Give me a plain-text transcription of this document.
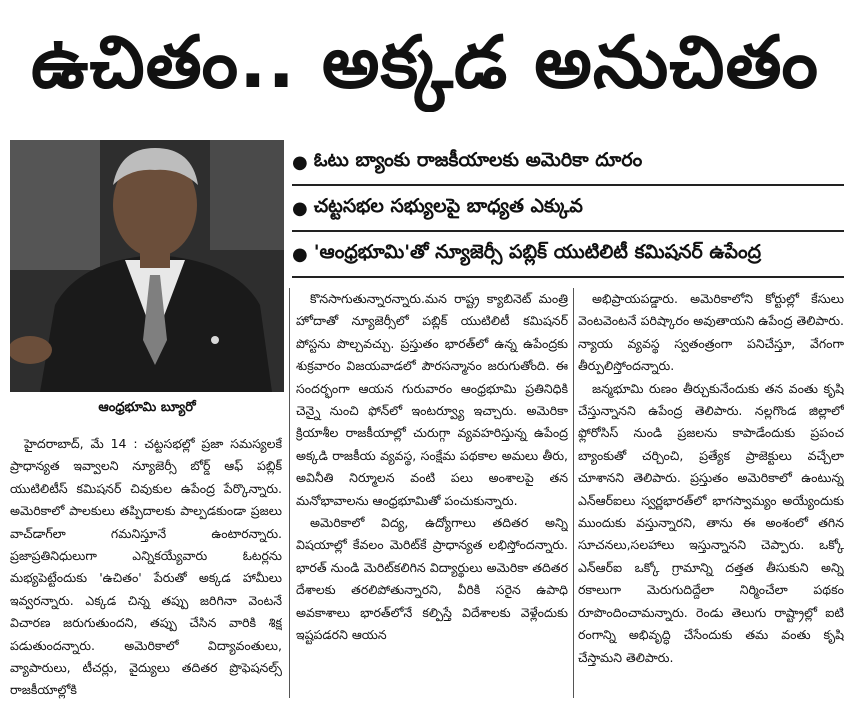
ఉచితం.. అక్కడ అనుచితం
ఆంధ్రభూమి బ్యూరో
● ఓటు బ్యాంకు రాజకీయాలకు అమెరికా దూరం
● చట్టసభల సభ్యులపై బాధ్యత ఎక్కువ
● 'ఆంధ్రభూమి'తో న్యూజెర్సీ పబ్లిక్ యుటిలిటీ కమిషనర్ ఉపేంద్ర

హైదరాబాద్, మే 14 : చట్టసభల్లో ప్రజా సమస్యలకే ప్రాధాన్యత ఇవ్వాలని న్యూజెర్సీ బోర్డ్ ఆఫ్ పబ్లిక్ యుటిలిటీస్ కమిషనర్ చివుకుల ఉపేంద్ర పేర్కొన్నారు. అమెరికాలో పాలకులు తప్పిదాలకు పాల్పడకుండా ప్రజలు వాచ్‌డాగ్‌లా గమనిస్తూనే ఉంటారన్నారు. ప్రజాప్రతినిధులుగా ఎన్నికయ్యేవారు ఓటర్లను మభ్యపెట్టేందుకు 'ఉచితం' పేరుతో అక్కడ హామీలు ఇవ్వరన్నారు. ఎక్కడ చిన్న తప్పు జరిగినా వెంటనే విచారణ జరుగుతుందని, తప్పు చేసిన వారికి శిక్ష పడుతుందన్నారు. అమెరికాలో విద్యావంతులు, వ్యాపారులు, టీచర్లు, వైద్యులు తదితర ప్రొఫెషనల్స్ రాజకీయాల్లోకి

కొనసాగుతున్నారన్నారు.మన రాష్ట్ర క్యాబినెట్ మంత్రి హోదాతో న్యూజెర్సీలో పబ్లిక్ యుటిలిటీ కమిషనర్ పోస్టను పొల్చవచ్చు. ప్రస్తుతం భారత్‌లో ఉన్న ఉపేంద్రకు శుక్రవారం విజయవాడలో పౌరసన్మానం జరుగుతోంది. ఈ సందర్భంగా ఆయన గురువారం ఆంధ్రభూమి ప్రతినిధికి చెన్నై నుంచి ఫోన్‌లో ఇంటర్వ్యూ ఇచ్చారు. అమెరికా క్రియాశీల రాజకీయాల్లో చురుగ్గా వ్యవహరిస్తున్న ఉపేంద్ర అక్కడి రాజకీయ వ్యవస్థ, సంక్షేమ పథకాల అమలు తీరు, అవినీతి నిర్మూలన వంటి పలు అంశాలపై తన మనోభావాలను ఆంధ్రభూమితో పంచుకున్నారు.

అమెరికాలో విద్య, ఉద్యోగాలు తదితర అన్ని విషయాల్లో కేవలం మెరిట్‌కే ప్రాధాన్యత లభిస్తోందన్నారు. భారత్ నుండి మెరిట్‌కలిగిన విద్యార్థులు అమెరికా తదితర దేశాలకు తరలిపోతున్నారని, వీరికి సరైన ఉపాధి అవకాశాలు భారత్‌లోనే కల్పిస్తే విదేశాలకు వెళ్లేందుకు ఇష్టపడరని ఆయన

అభిప్రాయపడ్డారు. అమెరికాలోని కోర్టుల్లో కేసులు వెంటవెంటనే పరిష్కారం అవుతాయని ఉపేంద్ర తెలిపారు. న్యాయ వ్యవస్థ స్వతంత్రంగా పనిచేస్తూ, వేగంగా తీర్పులిస్తోందన్నారు.

జన్మభూమి రుణం తీర్చుకునేందుకు తన వంతు కృషి చేస్తున్నానని ఉపేంద్ర తెలిపారు. నల్లగొండ జిల్లాలో ఫ్లోరోసిస్ నుండి ప్రజలను కాపాడేందుకు ప్రపంచ బ్యాంకుతో చర్చించి, ప్రత్యేక ప్రాజెక్టులు వచ్చేలా చూశానని తెలిపారు. ప్రస్తుతం అమెరికాలో ఉంటున్న ఎన్ఆర్ఐలు స్వర్ణభారత్‌లో భాగస్వామ్యం అయ్యేందుకు ముందుకు వస్తున్నారని, తాను ఈ అంశంలో తగిన సూచనలు,సలహాలు ఇస్తున్నానని చెప్పారు. ఒక్కో ఎన్ఆర్ఐ ఒక్కో గ్రామాన్ని దత్తత తీసుకుని అన్ని రకాలుగా మెరుగుదిద్దేలా నిర్మించేలా పథకం రూపొందించామన్నారు. రెండు తెలుగు రాష్ట్రాల్లో ఐటి రంగాన్ని అభివృద్ధి చేసేందుకు తమ వంతు కృషి చేస్తామని తెలిపారు.
